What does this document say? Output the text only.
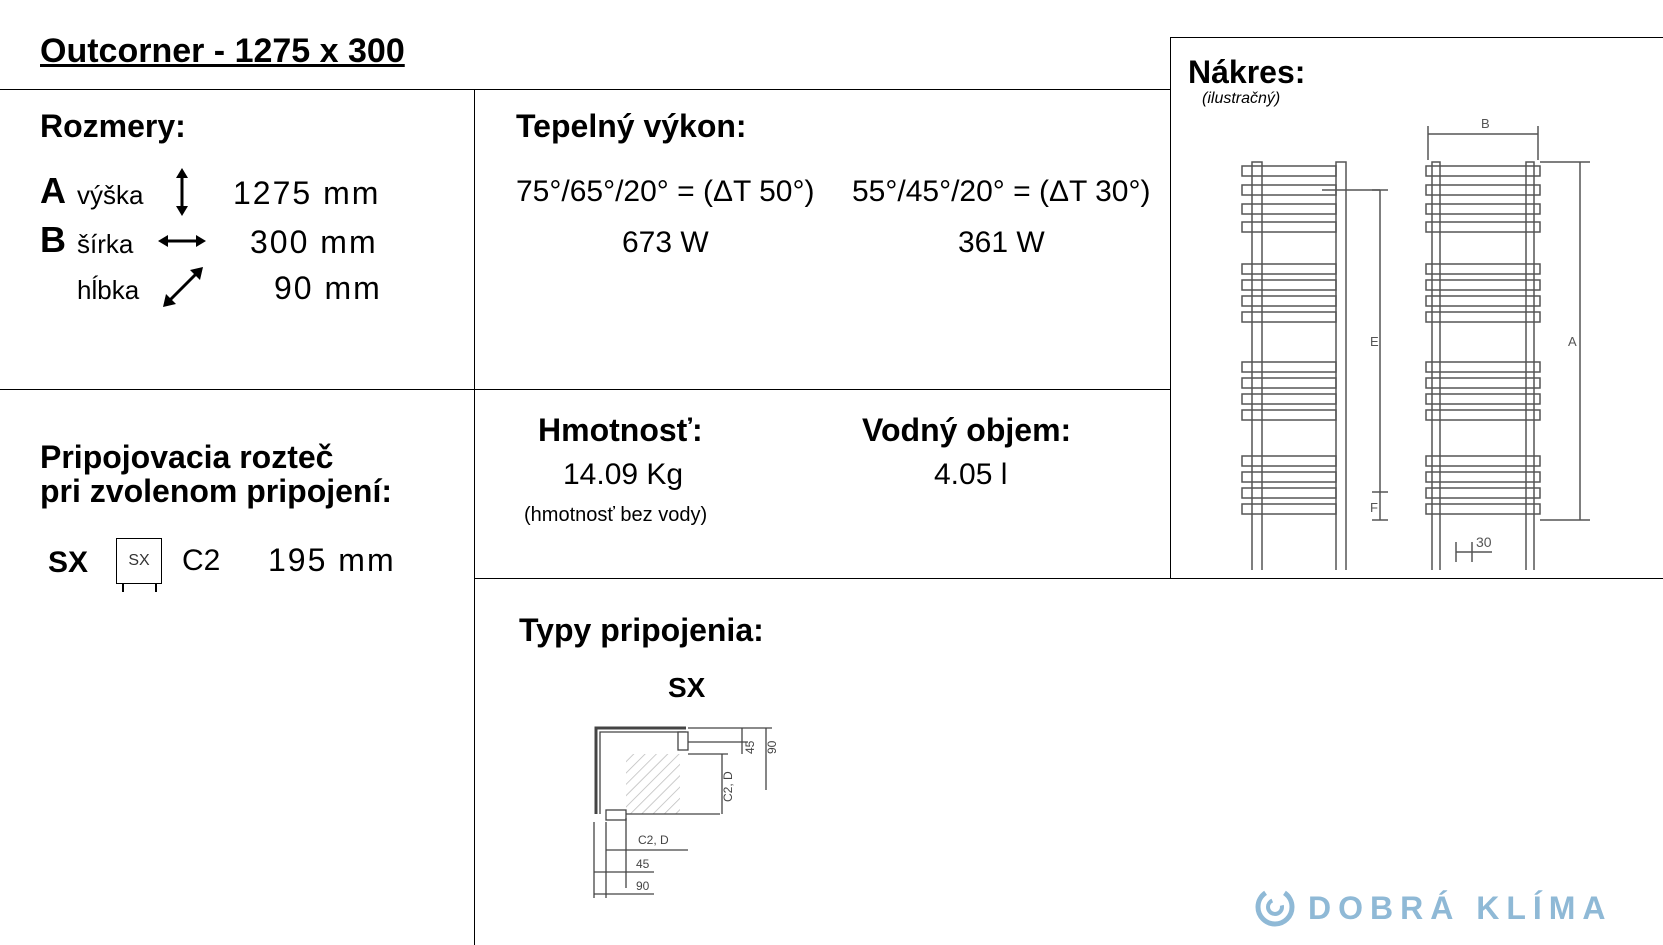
Outcorner - 1275 x 300
Rozmery:
A výška	1275 mm
B šírka	300 mm
hĺbka	90 mm
Tepelný výkon:
75°/65°/20° = (ΔT 50°)
673 W
55°/45°/20° = (ΔT 30°)
361 W
Nákres:
(ilustračný)
B
A
E
F
30
Pripojovacia rozteč
pri zvolenom pripojení:
SX	SX C2 195 mm
Hmotnosť:
14.09 Kg
(hmotnosť bez vody)
Vodný objem:
4.05 l
Typy pripojenia:
SX
C2, D
45 90
C2, D
45
90
DOBRÁ KLÍMA
